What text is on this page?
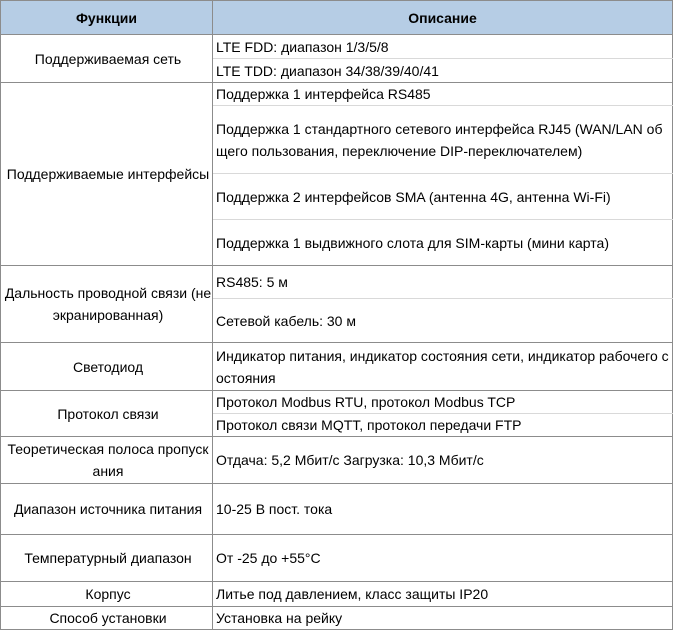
Функции	Описание
Поддерживаемая сеть	LTE FDD: диапазон 1/3/5/8
	LTE TDD: диапазон 34/38/39/40/41
Поддерживаемые интерфейсы	Поддержка 1 интерфейса RS485
	Поддержка 1 стандартного сетевого интерфейса RJ45 (WAN/LAN общего пользования, переключение DIP-переключателем)
	Поддержка 2 интерфейсов SMA (антенна 4G, антенна Wi-Fi)
	Поддержка 1 выдвижного слота для SIM-карты (мини карта)
Дальность проводной связи (неэкранированная)	RS485: 5 м
	Сетевой кабель: 30 м
Светодиод	Индикатор питания, индикатор состояния сети, индикатор рабочего состояния
Протокол связи	Протокол Modbus RTU, протокол Modbus TCP
	Протокол связи MQTT, протокол передачи FTP
Теоретическая полоса пропускания	Отдача: 5,2 Мбит/с Загрузка: 10,3 Мбит/с
Диапазон источника питания	10-25 В пост. тока
Температурный диапазон	От -25 до +55°C
Корпус	Литье под давлением, класс защиты IP20
Способ установки	Установка на рейку
